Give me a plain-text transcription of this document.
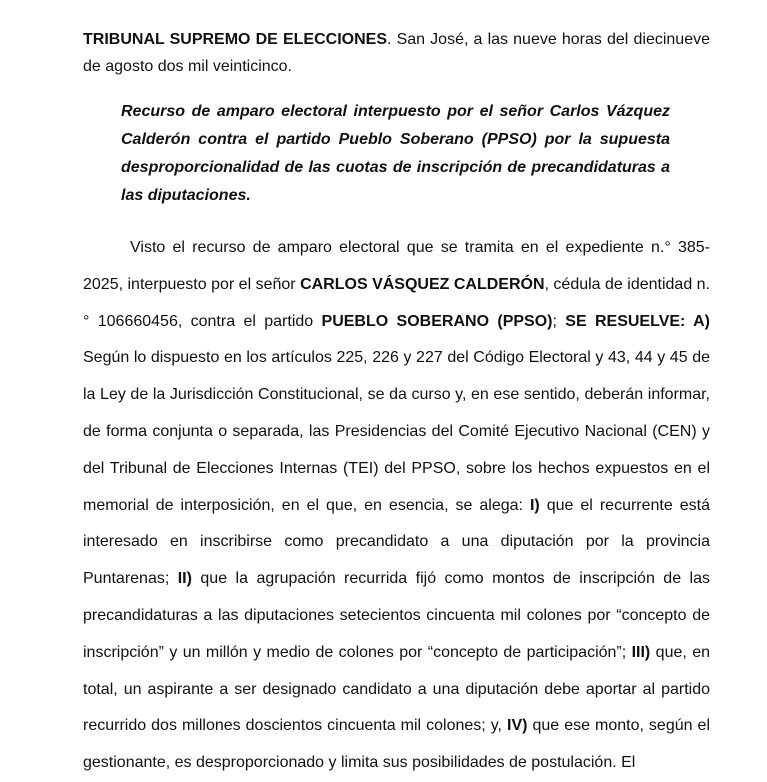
TRIBUNAL SUPREMO DE ELECCIONES. San José, a las nueve horas del diecinueve de agosto dos mil veinticinco.

Recurso de amparo electoral interpuesto por el señor Carlos Vázquez Calderón contra el partido Pueblo Soberano (PPSO) por la supuesta desproporcionalidad de las cuotas de inscripción de precandidaturas a las diputaciones.
Visto el recurso de amparo electoral que se tramita en el expediente n.° 385-2025, interpuesto por el señor CARLOS VÁSQUEZ CALDERÓN, cédula de identidad n.° 106660456, contra el partido PUEBLO SOBERANO (PPSO); SE RESUELVE: A) Según lo dispuesto en los artículos 225, 226 y 227 del Código Electoral y 43, 44 y 45 de la Ley de la Jurisdicción Constitucional, se da curso y, en ese sentido, deberán informar, de forma conjunta o separada, las Presidencias del Comité Ejecutivo Nacional (CEN) y del Tribunal de Elecciones Internas (TEI) del PPSO, sobre los hechos expuestos en el memorial de interposición, en el que, en esencia, se alega: I) que el recurrente está interesado en inscribirse como precandidato a una diputación por la provincia Puntarenas; II) que la agrupación recurrida fijó como montos de inscripción de las precandidaturas a las diputaciones setecientos cincuenta mil colones por “concepto de inscripción” y un millón y medio de colones por “concepto de participación”; III) que, en total, un aspirante a ser designado candidato a una diputación debe aportar al partido recurrido dos millones doscientos cincuenta mil colones; y, IV) que ese monto, según el gestionante, es desproporcionado y limita sus posibilidades de postulación. El
